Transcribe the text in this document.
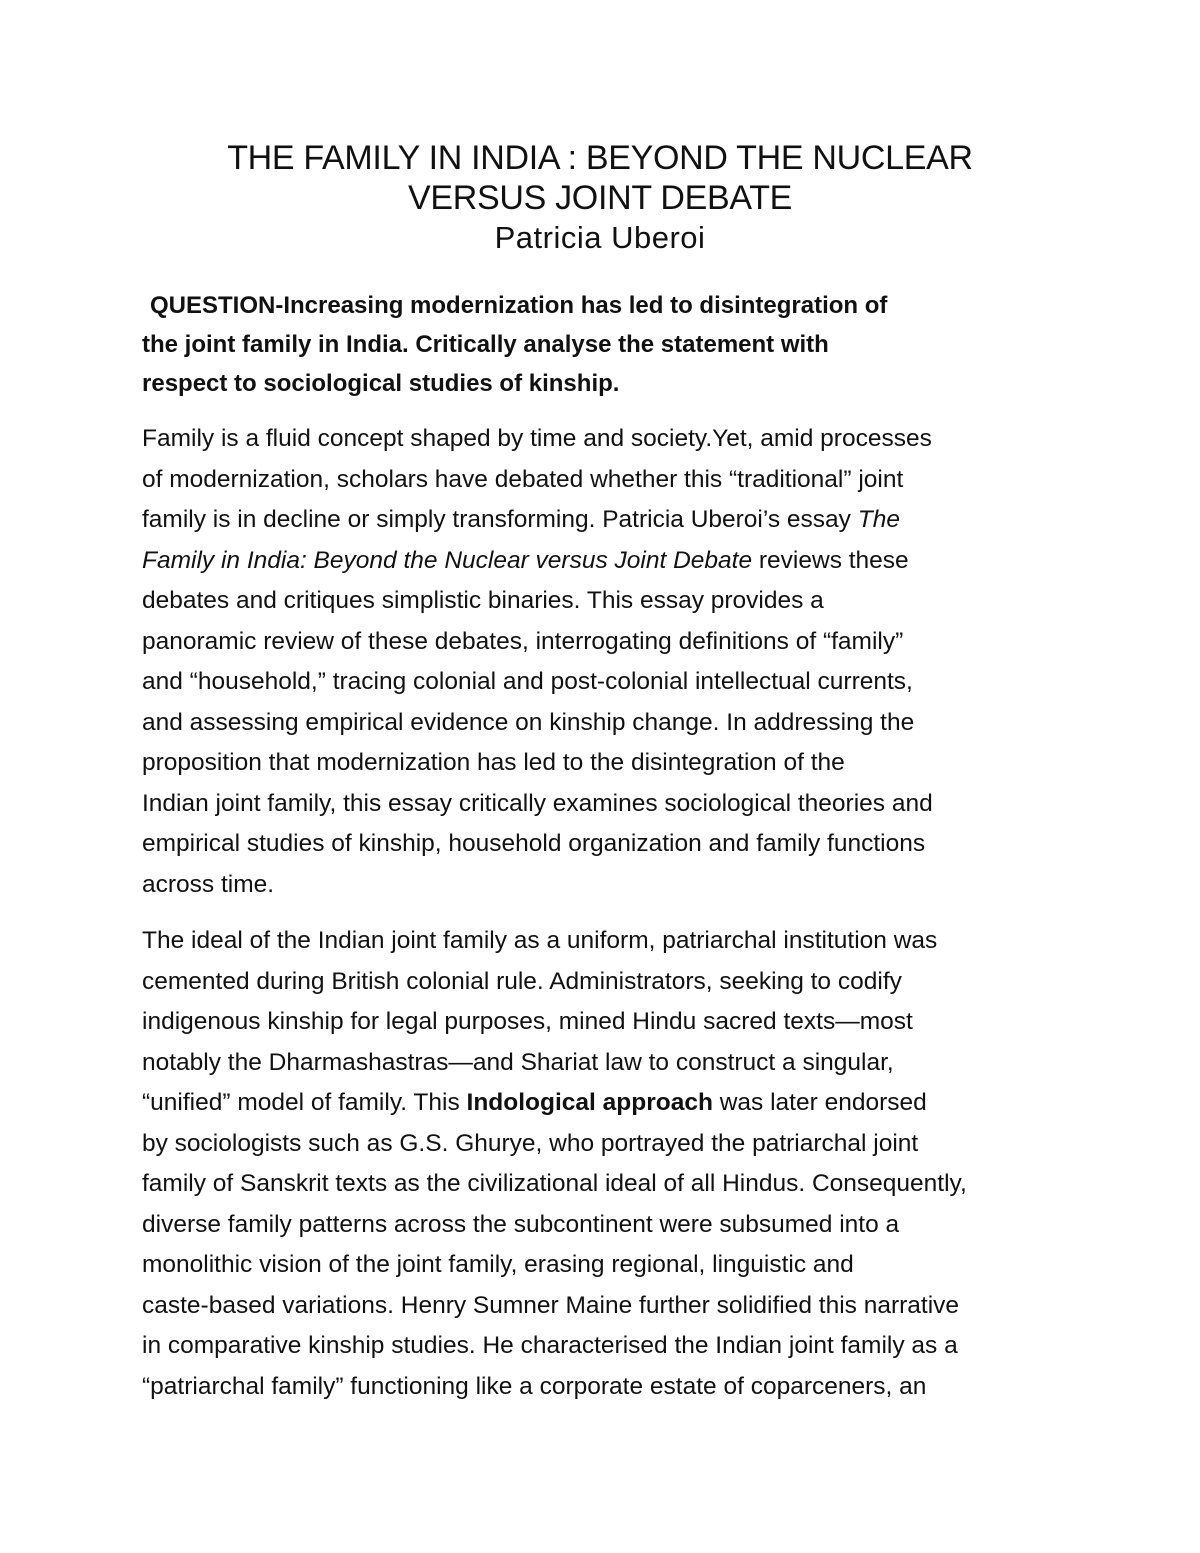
THE FAMILY IN INDIA : BEYOND THE NUCLEAR
VERSUS JOINT DEBATE

Patricia Uberoi

QUESTION-Increasing modernization has led to disintegration of
the joint family in India. Critically analyse the statement with
respect to sociological studies of kinship.

Family is a fluid concept shaped by time and society.Yet, amid processes
of modernization, scholars have debated whether this “traditional” joint
family is in decline or simply transforming. Patricia Uberoi’s essay The
Family in India: Beyond the Nuclear versus Joint Debate reviews these
debates and critiques simplistic binaries. This essay provides a
panoramic review of these debates, interrogating definitions of “family”
and “household,” tracing colonial and post-colonial intellectual currents,
and assessing empirical evidence on kinship change. In addressing the
proposition that modernization has led to the disintegration of the
Indian joint family, this essay critically examines sociological theories and
empirical studies of kinship, household organization and family functions
across time.

The ideal of the Indian joint family as a uniform, patriarchal institution was
cemented during British colonial rule. Administrators, seeking to codify
indigenous kinship for legal purposes, mined Hindu sacred texts—most
notably the Dharmashastras—and Shariat law to construct a singular,
“unified” model of family. This Indological approach was later endorsed
by sociologists such as G.S. Ghurye, who portrayed the patriarchal joint
family of Sanskrit texts as the civilizational ideal of all Hindus. Consequently,
diverse family patterns across the subcontinent were subsumed into a
monolithic vision of the joint family, erasing regional, linguistic and
caste-based variations. Henry Sumner Maine further solidified this narrative
in comparative kinship studies. He characterised the Indian joint family as a
“patriarchal family” functioning like a corporate estate of coparceners, an
